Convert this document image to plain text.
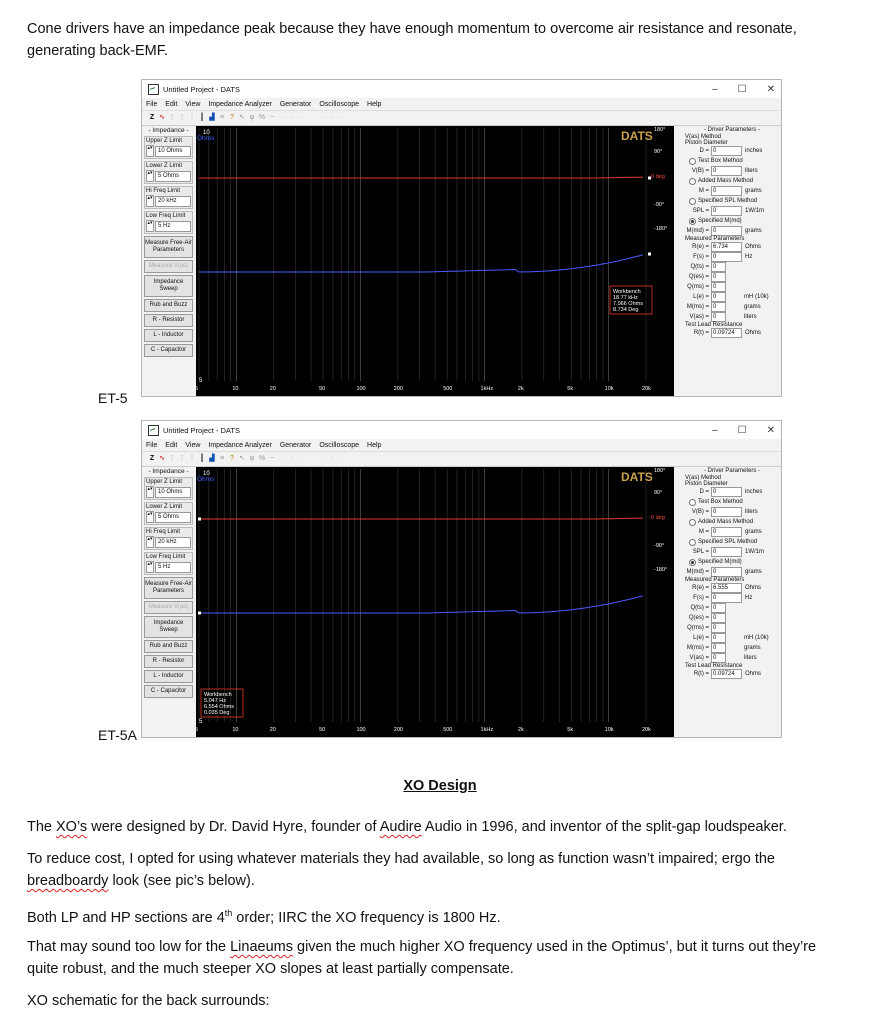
Cone drivers have an impedance peak because they have enough momentum to overcome air resistance and resonate, generating back-EMF.
ET-5
ET-5A
Untitled Project - DATS	– ☐ ✕
File Edit View Impedance Analyzer Generator Oscilloscope Help
Z ∿ ⋮ ⋮ ⋮ ║ ▟ ≡ ? ↖ φ % ~ ·	·	·	·	·	·	·	·
- Impedance -
Upper Z Limit
▴▾ 10 Ohms
Lower Z Limit
▴▾ 5 Ohms
Hi Freq Limit
▴▾ 20 kHz
Low Freq Limit
▴▾ 5 Hz
Measure Free-Air Parameters
Measure V(as)
Impedance Sweep
Rub and Buzz
R - Resistor
L - Inductor
C - Capacitor
10
Ohms
5
DATS 180°
90°
0 deg
-90°
-180°
5	10	20	50	100	200	500	1kHz	2k	5k	10k	20k
Workbench
18.77 kHz
7.066 Ohms
8.734 Deg
- Driver Parameters -
V(as) Method
Piston Diameter
D = 0	inches
Test Box Method
V(B) = 0	liters
Added Mass Method
M = 0	grams
Specified SPL Method
SPL = 0	1W/1m
Specified M(md)
M(md) = 0	grams
Measured Parameters
R(e) = 6.734	Ohms
F(s) = 0	Hz
Q(ts) = 0
Q(es) = 0
Q(ms) = 0
L(e) = 0	mH (10k)
M(ms) = 0	grams
V(as) = 0	liters
Test Lead Resistance
R(t) = 0.09724	Ohms
Untitled Project - DATS	– ☐ ✕
File Edit View Impedance Analyzer Generator Oscilloscope Help
Z ∿ ⋮ ⋮ ⋮ ║ ▟ ≡ ? ↖ φ % ~ ·	·	·	·	·	·	·	·
- Impedance -
Upper Z Limit
▴▾ 10 Ohms
Lower Z Limit
▴▾ 5 Ohms
Hi Freq Limit
▴▾ 20 kHz
Low Freq Limit
▴▾ 5 Hz
Measure Free-Air Parameters
Measure V(as)
Impedance Sweep
Rub and Buzz
R - Resistor
L - Inductor
C - Capacitor
10
Ohms
5
DATS 180°
90°
0 deg
-90°
-180°
5	10	20	50	100	200	500	1kHz	2k	5k	10k	20k
Workbench
5.047 Hz
6.554 Ohms
0.035 Deg
- Driver Parameters -
V(as) Method
Piston Diameter
D = 0	inches
Test Box Method
V(B) = 0	liters
Added Mass Method
M = 0	grams
Specified SPL Method
SPL = 0	1W/1m
Specified M(md)
M(md) = 0	grams
Measured Parameters
R(e) = 6.555	Ohms
F(s) = 0	Hz
Q(ts) = 0
Q(es) = 0
Q(ms) = 0
L(e) = 0	mH (10k)
M(ms) = 0	grams
V(as) = 0	liters
Test Lead Resistance
R(t) = 0.09724	Ohms
XO Design
The XO’s were designed by Dr. David Hyre, founder of Audire Audio in 1996, and inventor of the split-gap loudspeaker.
To reduce cost, I opted for using whatever materials they had available, so long as function wasn’t impaired; ergo the breadboardy look (see pic’s below).
Both LP and HP sections are 4th order; IIRC the XO frequency is 1800 Hz.
That may sound too low for the Linaeums given the much higher XO frequency used in the Optimus’, but it turns out they’re quite robust, and the much steeper XO slopes at least partially compensate.
XO schematic for the back surrounds:
